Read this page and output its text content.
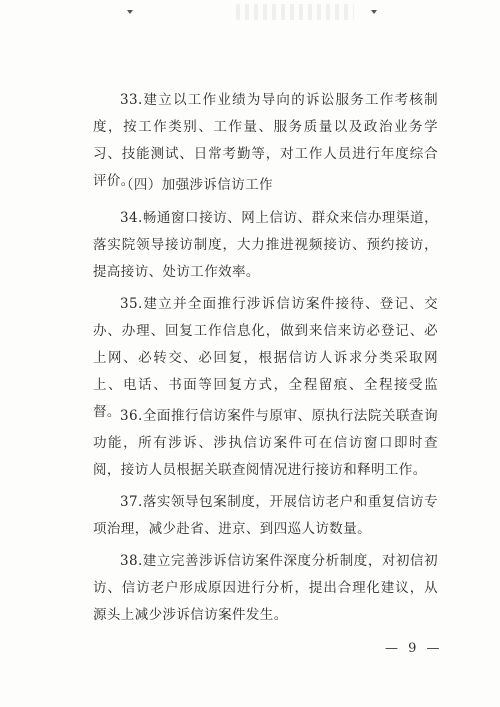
33.建立以工作业绩为导向的诉讼服务工作考核制度，按工作类别、工作量、服务质量以及政治业务学习、技能测试、日常考勤等，对工作人员进行年度综合评价。

（四）加强涉诉信访工作

34.畅通窗口接访、网上信访、群众来信办理渠道，落实院领导接访制度，大力推进视频接访、预约接访，提高接访、处访工作效率。

35.建立并全面推行涉诉信访案件接待、登记、交办、办理、回复工作信息化，做到来信来访必登记、必上网、必转交、必回复，根据信访人诉求分类采取网上、电话、书面等回复方式，全程留痕、全程接受监督。 36.全面推行信访案件与原审、原执行法院关联查询功能，所有涉诉、涉执信访案件可在信访窗口即时查阅，接访人员根据关联查阅情况进行接访和释明工作。

37.落实领导包案制度，开展信访老户和重复信访专项治理，减少赴省、进京、到四巡人访数量。

38.建立完善涉诉信访案件深度分析制度，对初信初访、信访老户形成原因进行分析，提出合理化建议，从源头上减少涉诉信访案件发生。

— 9 —
